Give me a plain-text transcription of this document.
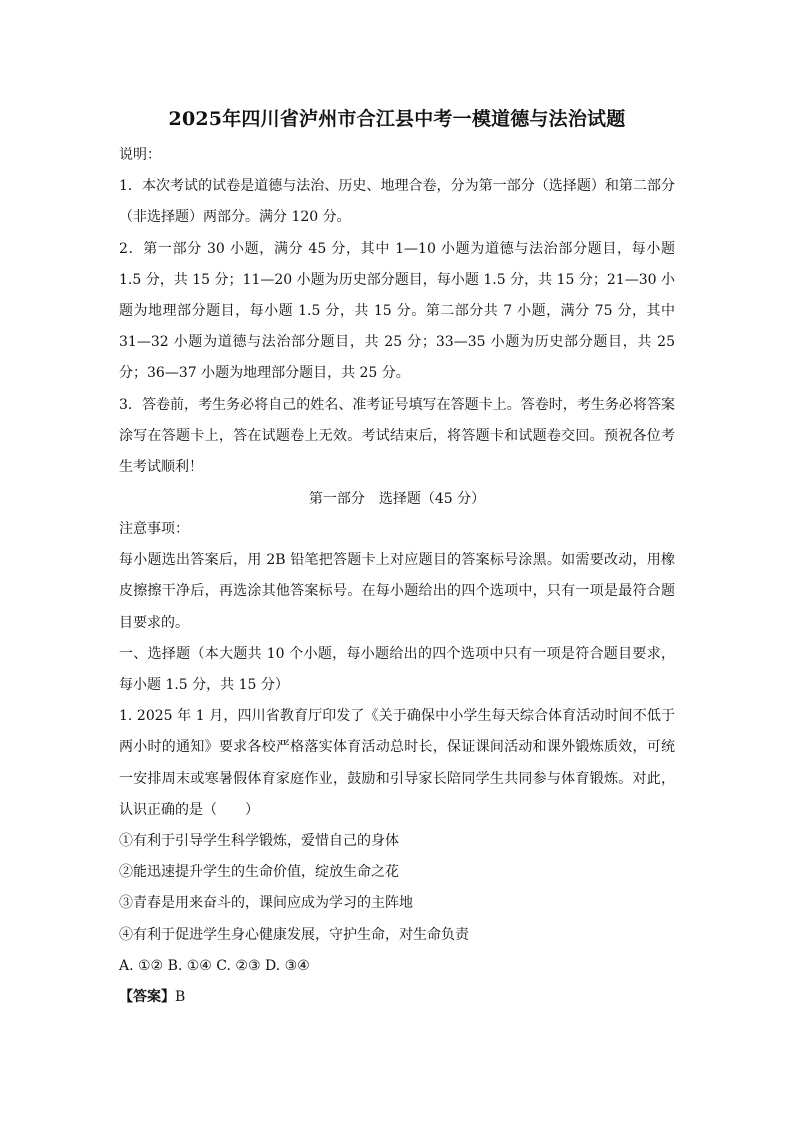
2025年四川省泸州市合江县中考一模道德与法治试题

说明：

1．本次考试的试卷是道德与法治、历史、地理合卷，分为第一部分（选择题）和第二部分（非选择题）两部分。满分 120 分。

2．第一部分 30 小题，满分 45 分，其中 1—10 小题为道德与法治部分题目，每小题 1.5 分，共 15 分；11—20 小题为历史部分题目，每小题 1.5 分，共 15 分；21—30 小题为地理部分题目，每小题 1.5 分，共 15 分。第二部分共 7 小题，满分 75 分，其中 31—32 小题为道德与法治部分题目，共 25 分；33—35 小题为历史部分题目，共 25 分；36—37 小题为地理部分题目，共 25 分。

3．答卷前，考生务必将自己的姓名、准考证号填写在答题卡上。答卷时，考生务必将答案涂写在答题卡上，答在试题卷上无效。考试结束后，将答题卡和试题卷交回。预祝各位考生考试顺利！

第一部分　选择题（45 分）

注意事项：

每小题选出答案后，用 2B 铅笔把答题卡上对应题目的答案标号涂黑。如需要改动，用橡皮擦擦干净后，再选涂其他答案标号。在每小题给出的四个选项中，只有一项是最符合题目要求的。

一、选择题（本大题共 10 个小题，每小题给出的四个选项中只有一项是符合题目要求，每小题 1.5 分，共 15 分）

1. 2025 年 1 月，四川省教育厅印发了《关于确保中小学生每天综合体育活动时间不低于两小时的通知》要求各校严格落实体育活动总时长，保证课间活动和课外锻炼质效，可统一安排周末或寒暑假体育家庭作业，鼓励和引导家长陪同学生共同参与体育锻炼。对此，认识正确的是（　　）

①有利于引导学生科学锻炼，爱惜自己的身体

②能迅速提升学生的生命价值，绽放生命之花

③青春是用来奋斗的，课间应成为学习的主阵地

④有利于促进学生身心健康发展，守护生命，对生命负责

A. ①② B. ①④ C. ②③ D. ③④

【答案】B
